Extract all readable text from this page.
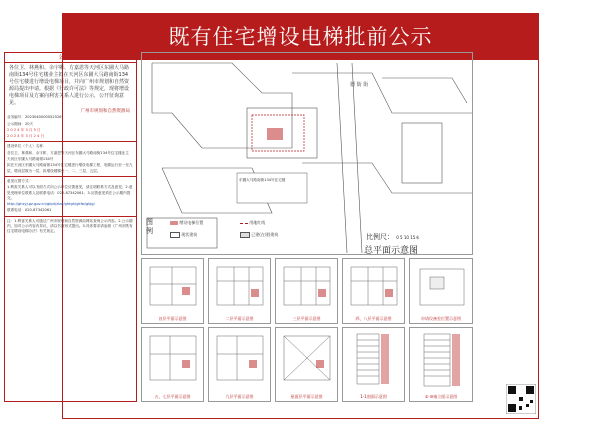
既有住宅增设电梯批前公示
公示说明

各位卫、林燕和、余宇彬、方嘉恩等天河区东圃大马路南街134号住宅楼业主拟在天河区东圃大马路南街134号住宅楼进行增设电梯项目，并向广州市规划和自然资源局提出申请。根据《行政许可法》等规定，现将增设电梯项目及方案向利害关系人进行公示，公开征询意见。

广州市规划和自然资源局

业务编号：2023040000052526

公示期间：20天

2 0 2 4 年 3 月 5 日

2 0 2 4 年 3 月 2 4 日

建设单位（个人）名称：

各位卫、林燕和、余宇彬、方嘉恩等天河区东圃大马路南街134号住宅楼业主

天河区东圃大马路南街134号

拟在天河区东圃大马路南街134号住宅楼进行增设电梯工程，电梯运行至一至九层，增设层数为一层，拟增设楼梯至一、二、三层，五层。

意见反馈方式：

1.利害关系人可以书面方式向公示单位反馈意见，请注明联系方式及意见；2.意见受理单位联系人及联系电话：020-87342061；3.反馈意见须在公示期内提交。

http://ghzyj.gz.gov.cn/gkpt/zlzq/ghtgh/gkfw/gkjg/

联系电话：020-87342061

注：1.利害关系人可通过广州市规划和自然资源局网站查询公示内容。2.公示期内，如对公示内容有异议，请以书面形式提出。3.具体要求请参照《广州市既有住宅增设电梯办法》有关规定。

德 街 街
东圃大马路南街134号住宅楼
图例
增设电梯位置	用地红线
现状建筑	已建(在建)建筑	比例尺： 0 5 10 15米
总平面示意图
首层平面示意图	二层平面示意图	三层平面示意图	四、八层平面示意图	申请设备室位置示意图
五、七层平面示意图	九层平面示意图	屋面层平面示意图	1-1剖面示意图	①-⑩轴立面示意图
